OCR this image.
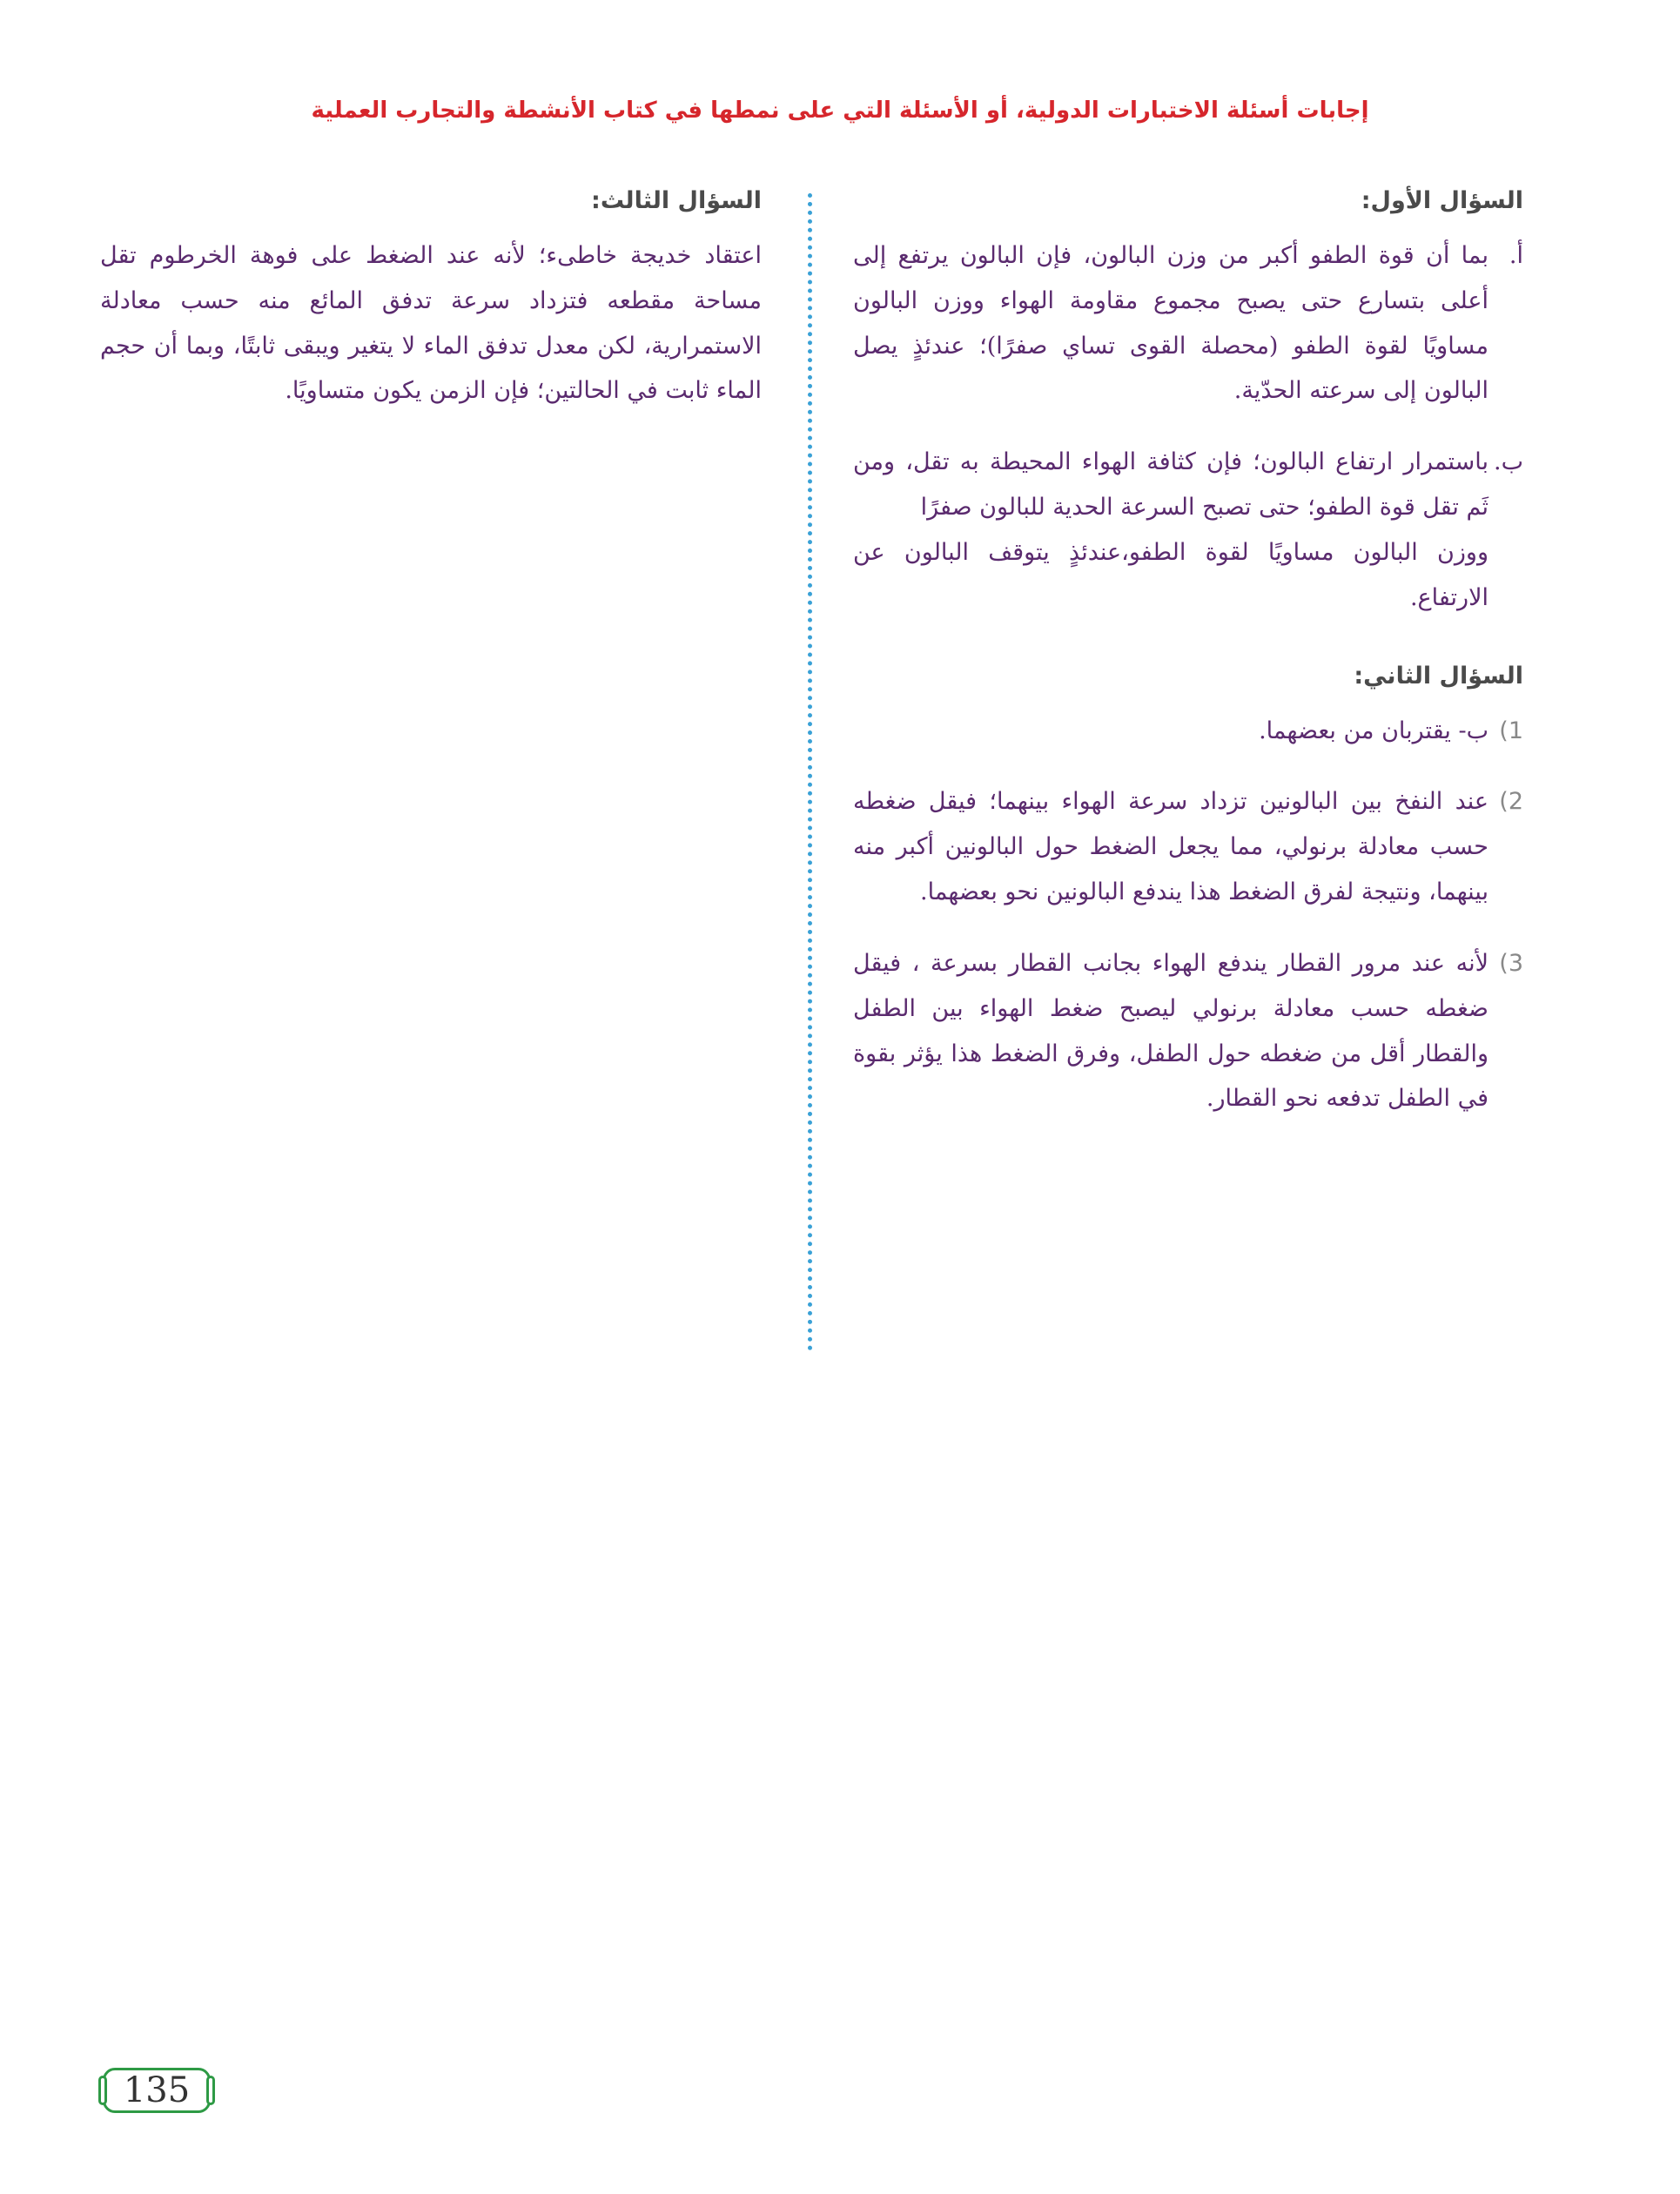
إجابات أسئلة الاختبارات الدولية، أو الأسئلة التي على نمطها في كتاب الأنشطة والتجارب العملية
السؤال الأول:
أ.
بما أن قوة الطفو أكبر من وزن البالون، فإن البالون يرتفع إلى أعلى بتسارع حتى يصبح مجموع مقاومة الهواء ووزن البالون مساويًا لقوة الطفو (محصلة القوى تساي صفرًا)؛ عندئذٍ يصل البالون إلى سرعته الحدّية.
ب.
باستمرار ارتفاع البالون؛ فإن كثافة الهواء المحيطة به تقل، ومن ثَم تقل قوة الطفو؛ حتى تصبح السرعة الحدية للبالون صفرًا
ووزن البالون مساويًا لقوة الطفو،عندئذٍ يتوقف البالون عن الارتفاع.
السؤال الثاني:
1)
ب- يقتربان من بعضهما.
2)
عند النفخ بين البالونين تزداد سرعة الهواء بينهما؛ فيقل ضغطه حسب معادلة برنولي، مما يجعل الضغط حول البالونين أكبر منه بينهما، ونتيجة لفرق الضغط هذا يندفع البالونين نحو بعضهما.
3)
لأنه عند مرور القطار يندفع الهواء بجانب القطار بسرعة ، فيقل ضغطه حسب معادلة برنولي ليصبح ضغط الهواء بين الطفل والقطار أقل من ضغطه حول الطفل، وفرق الضغط هذا يؤثر بقوة في الطفل تدفعه نحو القطار.
السؤال الثالث:
اعتقاد خديجة خاطىء؛ لأنه عند الضغط على فوهة الخرطوم تقل مساحة مقطعه فتزداد سرعة تدفق المائع منه حسب معادلة الاستمرارية، لكن معدل تدفق الماء لا يتغير ويبقى ثابتًا، وبما أن حجم الماء ثابت في الحالتين؛ فإن الزمن يكون متساويًا.
135
